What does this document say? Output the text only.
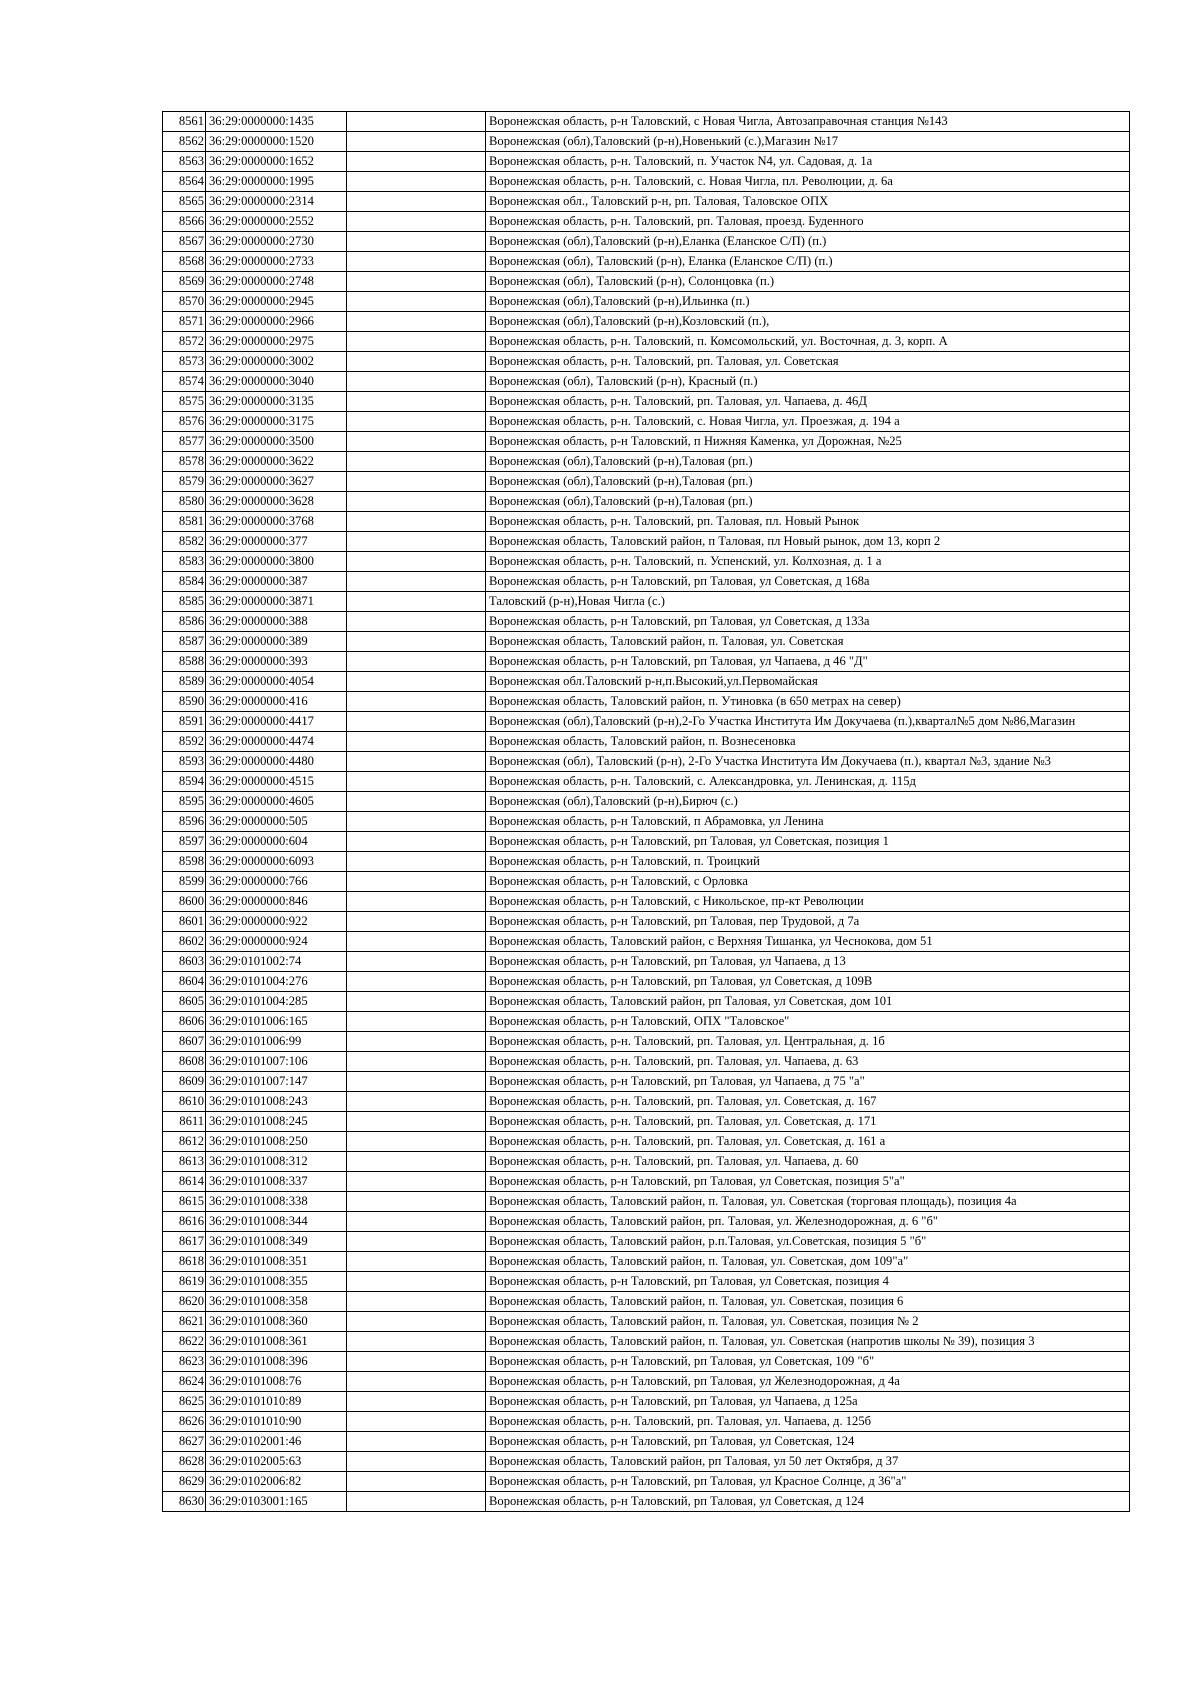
8561	36:29:0000000:1435		Воронежская область, р-н Таловский, с Новая Чигла, Автозаправочная станция №143
8562	36:29:0000000:1520		Воронежская (обл),Таловский (р-н),Новенький (с.),Магазин №17
8563	36:29:0000000:1652		Воронежская область, р-н. Таловский, п. Участок N4, ул. Садовая, д. 1а
8564	36:29:0000000:1995		Воронежская область, р-н. Таловский, с. Новая Чигла, пл. Революции, д. 6а
8565	36:29:0000000:2314		Воронежская обл., Таловский р-н, рп. Таловая, Таловское ОПХ
8566	36:29:0000000:2552		Воронежская область, р-н. Таловский, рп. Таловая, проезд. Буденного
8567	36:29:0000000:2730		Воронежская (обл),Таловский (р-н),Еланка (Еланское С/П) (п.)
8568	36:29:0000000:2733		Воронежская (обл), Таловский (р-н), Еланка (Еланское С/П) (п.)
8569	36:29:0000000:2748		Воронежская (обл), Таловский (р-н), Солонцовка (п.)
8570	36:29:0000000:2945		Воронежская (обл),Таловский (р-н),Ильинка (п.)
8571	36:29:0000000:2966		Воронежская (обл),Таловский (р-н),Козловский (п.),
8572	36:29:0000000:2975		Воронежская область, р-н. Таловский, п. Комсомольский, ул. Восточная, д. 3, корп. А
8573	36:29:0000000:3002		Воронежская область, р-н. Таловский, рп. Таловая, ул. Советская
8574	36:29:0000000:3040		Воронежская (обл), Таловский (р-н), Красный (п.)
8575	36:29:0000000:3135		Воронежская область, р-н. Таловский, рп. Таловая, ул. Чапаева, д. 46Д
8576	36:29:0000000:3175		Воронежская область, р-н. Таловский, с. Новая Чигла, ул. Проезжая, д. 194 а
8577	36:29:0000000:3500		Воронежская область, р-н Таловский, п Нижняя Каменка, ул Дорожная, №25
8578	36:29:0000000:3622		Воронежская (обл),Таловский (р-н),Таловая (рп.)
8579	36:29:0000000:3627		Воронежская (обл),Таловский (р-н),Таловая (рп.)
8580	36:29:0000000:3628		Воронежская (обл),Таловский (р-н),Таловая (рп.)
8581	36:29:0000000:3768		Воронежская область, р-н. Таловский, рп. Таловая, пл. Новый Рынок
8582	36:29:0000000:377		Воронежская область, Таловский район, п Таловая, пл Новый рынок, дом 13, корп 2
8583	36:29:0000000:3800		Воронежская область, р-н. Таловский, п. Успенский, ул. Колхозная, д. 1 а
8584	36:29:0000000:387		Воронежская область, р-н Таловский, рп Таловая, ул Советская, д 168а
8585	36:29:0000000:3871		Таловский (р-н),Новая Чигла (с.)
8586	36:29:0000000:388		Воронежская область, р-н Таловский, рп Таловая, ул Советская, д 133а
8587	36:29:0000000:389		Воронежская область, Таловский район, п. Таловая, ул. Советская
8588	36:29:0000000:393		Воронежская область, р-н Таловский, рп Таловая, ул Чапаева, д 46 "Д"
8589	36:29:0000000:4054		Воронежская обл.Таловский р-н,п.Высокий,ул.Первомайская
8590	36:29:0000000:416		Воронежская область, Таловский район, п. Утиновка (в 650 метрах на север)
8591	36:29:0000000:4417		Воронежская (обл),Таловский (р-н),2-Го Участка Института Им Докучаева (п.),квартал№5 дом №86,Магазин
8592	36:29:0000000:4474		Воронежская область, Таловский район, п. Вознесеновка
8593	36:29:0000000:4480		Воронежская (обл), Таловский (р-н), 2-Го Участка Института Им Докучаева (п.), квартал №3, здание №3
8594	36:29:0000000:4515		Воронежская область, р-н. Таловский, с. Александровка, ул. Ленинская, д. 115д
8595	36:29:0000000:4605		Воронежская (обл),Таловский (р-н),Бирюч (с.)
8596	36:29:0000000:505		Воронежская область, р-н Таловский, п Абрамовка, ул Ленина
8597	36:29:0000000:604		Воронежская область, р-н Таловский, рп Таловая, ул Советская, позиция 1
8598	36:29:0000000:6093		Воронежская область, р-н Таловский, п. Троицкий
8599	36:29:0000000:766		Воронежская область, р-н Таловский, с Орловка
8600	36:29:0000000:846		Воронежская область, р-н Таловский, с Никольское, пр-кт Революции
8601	36:29:0000000:922		Воронежская область, р-н Таловский, рп Таловая, пер Трудовой, д 7а
8602	36:29:0000000:924		Воронежская область, Таловский район, с Верхняя Тишанка, ул Чеснокова, дом 51
8603	36:29:0101002:74		Воронежская область, р-н Таловский, рп Таловая, ул Чапаева, д 13
8604	36:29:0101004:276		Воронежская область, р-н Таловский, рп Таловая, ул Советская, д 109В
8605	36:29:0101004:285		Воронежская область, Таловский район, рп Таловая, ул Советская, дом 101
8606	36:29:0101006:165		Воронежская область, р-н Таловский, ОПХ "Таловское"
8607	36:29:0101006:99		Воронежская область, р-н. Таловский, рп. Таловая, ул. Центральная, д. 1б
8608	36:29:0101007:106		Воронежская область, р-н. Таловский, рп. Таловая, ул. Чапаева, д. 63
8609	36:29:0101007:147		Воронежская область, р-н Таловский, рп Таловая, ул Чапаева, д 75 "а"
8610	36:29:0101008:243		Воронежская область, р-н. Таловский, рп. Таловая, ул. Советская, д. 167
8611	36:29:0101008:245		Воронежская область, р-н. Таловский, рп. Таловая, ул. Советская, д. 171
8612	36:29:0101008:250		Воронежская область, р-н. Таловский, рп. Таловая, ул. Советская, д. 161 а
8613	36:29:0101008:312		Воронежская область, р-н. Таловский, рп. Таловая, ул. Чапаева, д. 60
8614	36:29:0101008:337		Воронежская область, р-н Таловский, рп Таловая, ул Советская, позиция 5"а"
8615	36:29:0101008:338		Воронежская область, Таловский район, п. Таловая, ул. Советская (торговая площадь), позиция 4а
8616	36:29:0101008:344		Воронежская область, Таловский район, рп. Таловая, ул. Железнодорожная, д. 6 "б"
8617	36:29:0101008:349		Воронежская область, Таловский район, р.п.Таловая, ул.Советская, позиция 5 "б"
8618	36:29:0101008:351		Воронежская область, Таловский район, п. Таловая, ул. Советская, дом 109"а"
8619	36:29:0101008:355		Воронежская область, р-н Таловский, рп Таловая, ул Советская, позиция 4
8620	36:29:0101008:358		Воронежская область, Таловский район, п. Таловая, ул. Советская, позиция 6
8621	36:29:0101008:360		Воронежская область, Таловский район, п. Таловая, ул. Советская, позиция № 2
8622	36:29:0101008:361		Воронежская область, Таловский район, п. Таловая, ул. Советская (напротив школы № 39), позиция 3
8623	36:29:0101008:396		Воронежская область, р-н Таловский, рп Таловая, ул Советская, 109 "б"
8624	36:29:0101008:76		Воронежская область, р-н Таловский, рп Таловая, ул Железнодорожная, д 4а
8625	36:29:0101010:89		Воронежская область, р-н Таловский, рп Таловая, ул Чапаева, д 125а
8626	36:29:0101010:90		Воронежская область, р-н. Таловский, рп. Таловая, ул. Чапаева, д. 125б
8627	36:29:0102001:46		Воронежская область, р-н Таловский, рп Таловая, ул Советская, 124
8628	36:29:0102005:63		Воронежская область, Таловский район, рп Таловая, ул 50 лет Октября, д 37
8629	36:29:0102006:82		Воронежская область, р-н Таловский, рп Таловая, ул Красное Солнце, д 36"а"
8630	36:29:0103001:165		Воронежская область, р-н Таловский, рп Таловая, ул Советская, д 124
